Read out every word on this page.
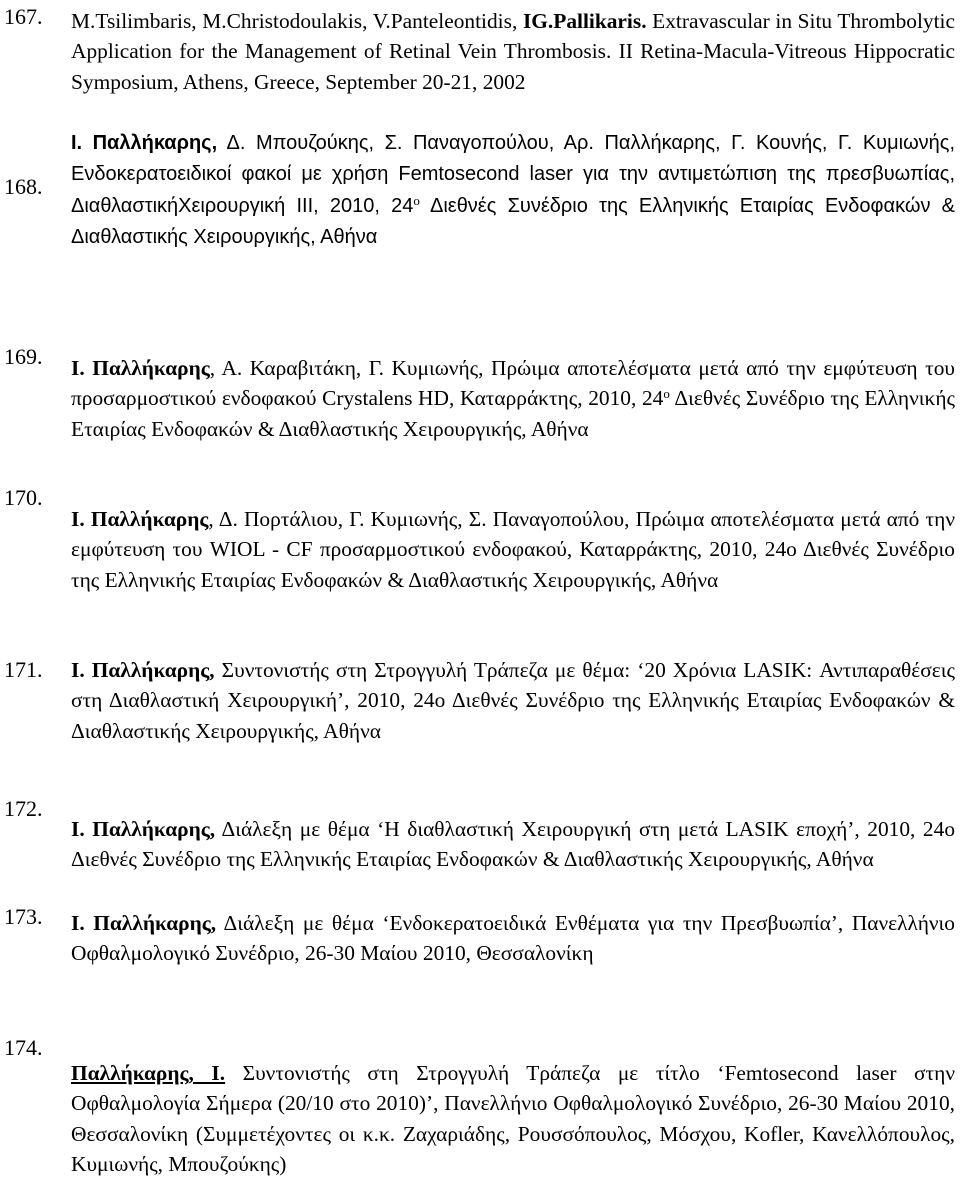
167. M.Tsilimbaris, M.Christodoulakis, V.Panteleontidis, IG.Pallikaris. Extravascular in Situ Thrombolytic Application for the Management of Retinal Vein Thrombosis. II Retina-Macula-Vitreous Hippocratic Symposium, Athens, Greece, September 20-21, 2002
168.
Ι. Παλλήκαρης, Δ. Μπουζούκης, Σ. Παναγοπούλου, Αρ. Παλλήκαρης, Γ. Κουνής, Γ. Κυμιωνής, Ενδοκερατοειδικοί φακοί με χρήση Femtosecond laser για την αντιμετώπιση της πρεσβυωπίας, ΔιαθλαστικήΧειρουργική ΙΙΙ, 2010, $24^o$ Διεθνές Συνέδριο της Ελληνικής Εταιρίας Ενδοφακών & Διαθλαστικής Χειρουργικής, Αθήνα
169. Ι. Παλλήκαρης, Α. Καραβιτάκη, Γ. Κυμιωνής, Πρώιμα αποτελέσματα μετά από την εμφύτευση του προσαρμοστικού ενδοφακού Crystalens HD, Καταρράκτης, 2010, $24^o$ Διεθνές Συνέδριο της Ελληνικής Εταιρίας Ενδοφακών & Διαθλαστικής Χειρουργικής, Αθήνα
170.
Ι. Παλλήκαρης, Δ. Πορτάλιου, Γ. Κυμιωνής, Σ. Παναγοπούλου, Πρώιμα αποτελέσματα μετά από την εμφύτευση του WIOL - CF προσαρμοστικού ενδοφακού, Καταρράκτης, 2010, 24ο Διεθνές Συνέδριο της Ελληνικής Εταιρίας Ενδοφακών & Διαθλαστικής Χειρουργικής, Αθήνα
171. Ι. Παλλήκαρης, Συντονιστής στη Στρογγυλή Τράπεζα με θέμα: ‘20 Χρόνια LASIK: Αντιπαραθέσεις στη Διαθλαστική Χειρουργική’, 2010, 24ο Διεθνές Συνέδριο της Ελληνικής Εταιρίας Ενδοφακών & Διαθλαστικής Χειρουργικής, Αθήνα
172.
Ι. Παλλήκαρης, Διάλεξη με θέμα ‘Η διαθλαστική Χειρουργική στη μετά LASIK εποχή’, 2010, 24ο Διεθνές Συνέδριο της Ελληνικής Εταιρίας Ενδοφακών & Διαθλαστικής Χειρουργικής, Αθήνα
173. Ι. Παλλήκαρης, Διάλεξη με θέμα ‘Ενδοκερατοειδικά Ενθέματα για την Πρεσβυωπία’, Πανελλήνιο Οφθαλμολογικό Συνέδριο, 26-30 Μαίου 2010, Θεσσαλονίκη
174.
Παλλήκαρης, Ι. Συντονιστής στη Στρογγυλή Τράπεζα με τίτλο ‘Femtosecond laser στην Οφθαλμολογία Σήμερα (20/10 στο 2010)’, Πανελλήνιο Οφθαλμολογικό Συνέδριο, 26-30 Μαίου 2010, Θεσσαλονίκη (Συμμετέχοντες οι κ.κ. Ζαχαριάδης, Ρουσσόπουλος, Μόσχου, Kofler, Κανελλόπουλος, Κυμιωνής, Μπουζούκης)
